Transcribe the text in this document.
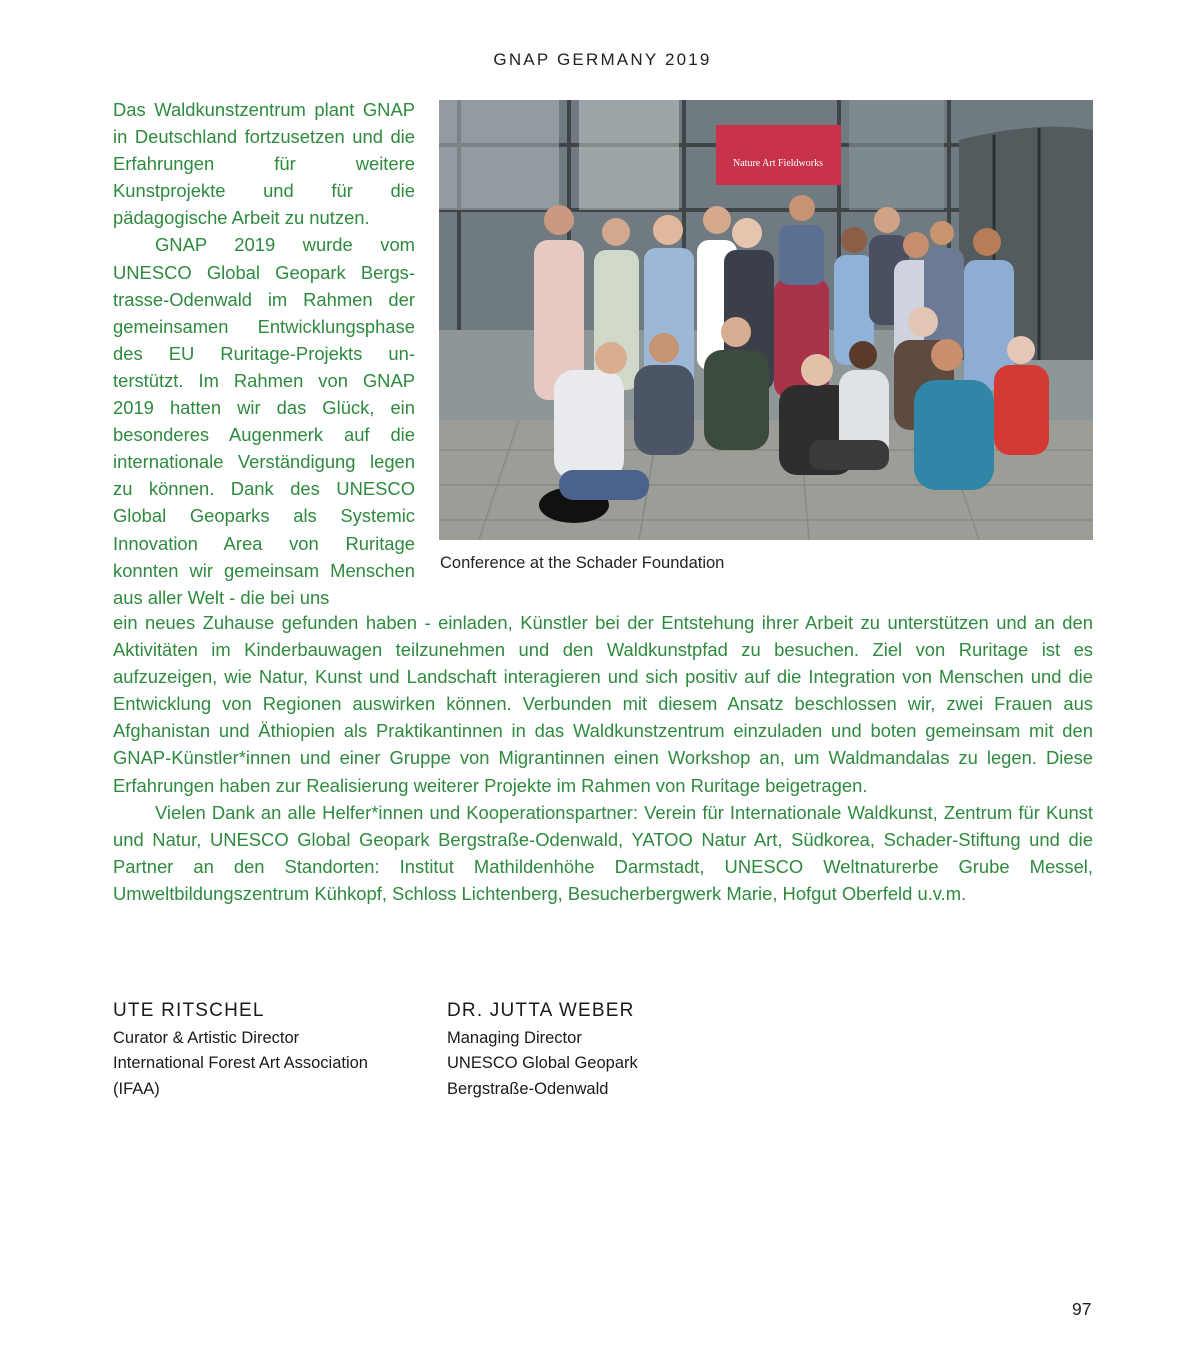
GNAP GERMANY 2019

Das Waldkunstzentrum plant GNAP in Deutschland fortzusetzen und die Erfahrungen für weitere Kunstprojekte und für die pädagogische Arbeit zu nutzen.

GNAP 2019 wurde vom UNESCO Global Geopark Bergstrasse-Odenwald im Rahmen der gemeinsamen Entwicklungsphase des EU Ruritage-Projekts unterstützt. Im Rahmen von GNAP 2019 hatten wir das Glück, ein besonderes Augenmerk auf die internationale Verständigung legen zu können. Dank des UNESCO Global Geoparks als Systemic Innovation Area von Ruritage konnten wir gemeinsam Menschen aus aller Welt - die bei uns

Nature Art Fieldworks
Conference at the Schader Foundation

ein neues Zuhause gefunden haben - einladen, Künstler bei der Entstehung ihrer Arbeit zu unterstützen und an den Aktivitäten im Kinderbauwagen teilzunehmen und den Waldkunstpfad zu besuchen. Ziel von Ruritage ist es aufzuzeigen, wie Natur, Kunst und Landschaft interagieren und sich positiv auf die Integration von Menschen und die Entwicklung von Regionen auswirken können. Verbunden mit diesem Ansatz beschlossen wir, zwei Frauen aus Afghanistan und Äthiopien als Praktikantinnen in das Waldkunstzentrum einzuladen und boten gemeinsam mit den GNAP-Künstler*innen und einer Gruppe von Migrantinnen einen Workshop an, um Waldmandalas zu legen. Diese Erfahrungen haben zur Realisierung weiterer Projekte im Rahmen von Ruritage beigetragen.

Vielen Dank an alle Helfer*innen und Kooperationspartner: Verein für Internationale Waldkunst, Zentrum für Kunst und Natur, UNESCO Global Geopark Bergstraße-Odenwald, YATOO Natur Art, Südkorea, Schader-Stiftung und die Partner an den Standorten: Institut Mathildenhöhe Darmstadt, UNESCO Weltnaturerbe Grube Messel, Umweltbildungszentrum Kühkopf, Schloss Lichtenberg, Besucherbergwerk Marie, Hofgut Oberfeld u.v.m.

UTE RITSCHEL
Curator & Artistic Director
International Forest Art Association
(IFAA)
DR. JUTTA WEBER
Managing Director
UNESCO Global Geopark
Bergstraße-Odenwald
97
